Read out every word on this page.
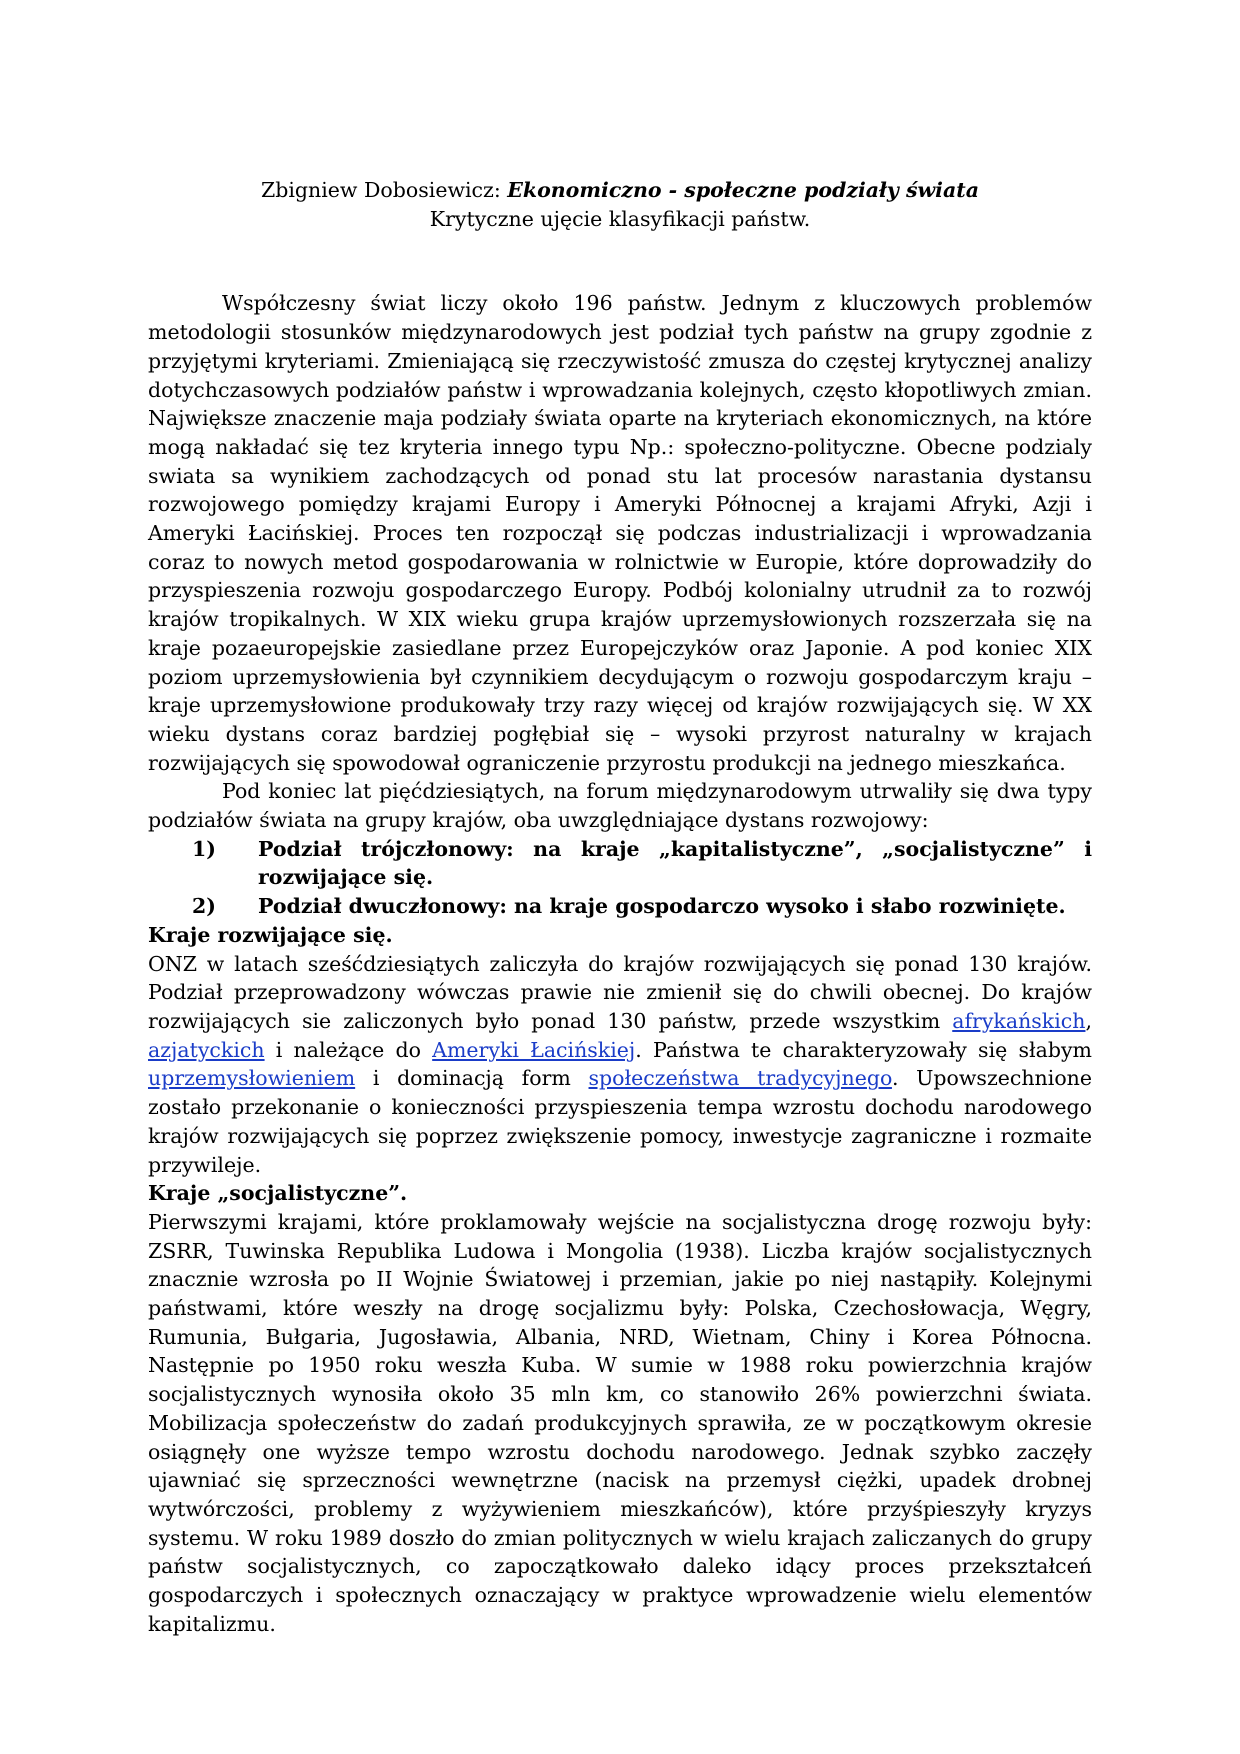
Zbigniew Dobosiewicz: Ekonomiczno - społeczne podziały świata

Krytyczne ujęcie klasyfikacji państw.

Współczesny świat liczy około 196 państw. Jednym z kluczowych problemów metodologii stosunków międzynarodowych jest podział tych państw na grupy zgodnie z przyjętymi kryteriami. Zmieniającą się rzeczywistość zmusza do częstej krytycznej analizy dotychczasowych podziałów państw i wprowadzania kolejnych, często kłopotliwych zmian. Największe znaczenie maja podziały świata oparte na kryteriach ekonomicznych, na które mogą nakładać się tez kryteria innego typu Np.: społeczno-polityczne. Obecne podzialy swiata sa wynikiem zachodzących od ponad stu lat procesów narastania dystansu rozwojowego pomiędzy krajami Europy i Ameryki Północnej a krajami Afryki, Azji i Ameryki Łacińskiej. Proces ten rozpoczął się podczas industrializacji i wprowadzania coraz to nowych metod gospodarowania w rolnictwie w Europie, które doprowadziły do przyspieszenia rozwoju gospodarczego Europy. Podbój kolonialny utrudnił za to rozwój krajów tropikalnych. W XIX wieku grupa krajów uprzemysłowionych rozszerzała się na kraje pozaeuropejskie zasiedlane przez Europejczyków oraz Japonie. A pod koniec XIX poziom uprzemysłowienia był czynnikiem decydującym o rozwoju gospodarczym kraju – kraje uprzemysłowione produkowały trzy razy więcej od krajów rozwijających się. W XX wieku dystans coraz bardziej pogłębiał się – wysoki przyrost naturalny w krajach rozwijających się spowodował ograniczenie przyrostu produkcji na jednego mieszkańca.

Pod koniec lat pięćdziesiątych, na forum międzynarodowym utrwaliły się dwa typy podziałów świata na grupy krajów, oba uwzględniające dystans rozwojowy:

1) Podział trójczłonowy: na kraje „kapitalistyczne”, „socjalistyczne” i rozwijające się.
2) Podział dwuczłonowy: na kraje gospodarczo wysoko i słabo rozwinięte.

Kraje rozwijające się.

ONZ w latach sześćdziesiątych zaliczyła do krajów rozwijających się ponad 130 krajów. Podział przeprowadzony wówczas prawie nie zmienił się do chwili obecnej. Do krajów rozwijających sie zaliczonych było ponad 130 państw, przede wszystkim afrykańskich, azjatyckich i należące do Ameryki Łacińskiej. Państwa te charakteryzowały się słabym uprzemysłowieniem i dominacją form społeczeństwa tradycyjnego. Upowszechnione zostało przekonanie o konieczności przyspieszenia tempa wzrostu dochodu narodowego krajów rozwijających się poprzez zwiększenie pomocy, inwestycje zagraniczne i rozmaite przywileje.

Kraje „socjalistyczne”.

Pierwszymi krajami, które proklamowały wejście na socjalistyczna drogę rozwoju były: ZSRR, Tuwinska Republika Ludowa i Mongolia (1938). Liczba krajów socjalistycznych znacznie wzrosła po II Wojnie Światowej i przemian, jakie po niej nastąpiły. Kolejnymi państwami, które weszły na drogę socjalizmu były: Polska, Czechosłowacja, Węgry, Rumunia, Bułgaria, Jugosławia, Albania, NRD, Wietnam, Chiny i Korea Północna. Następnie po 1950 roku weszła Kuba. W sumie w 1988 roku powierzchnia krajów socjalistycznych wynosiła około 35 mln km, co stanowiło 26% powierzchni świata. Mobilizacja społeczeństw do zadań produkcyjnych sprawiła, ze w początkowym okresie osiągnęły one wyższe tempo wzrostu dochodu narodowego. Jednak szybko zaczęły ujawniać się sprzeczności wewnętrzne (nacisk na przemysł ciężki, upadek drobnej wytwórczości, problemy z wyżywieniem mieszkańców), które przyśpieszyły kryzys systemu. W roku 1989 doszło do zmian politycznych w wielu krajach zaliczanych do grupy państw socjalistycznych, co zapoczątkowało daleko idący proces przekształceń gospodarczych i społecznych oznaczający w praktyce wprowadzenie wielu elementów kapitalizmu.
